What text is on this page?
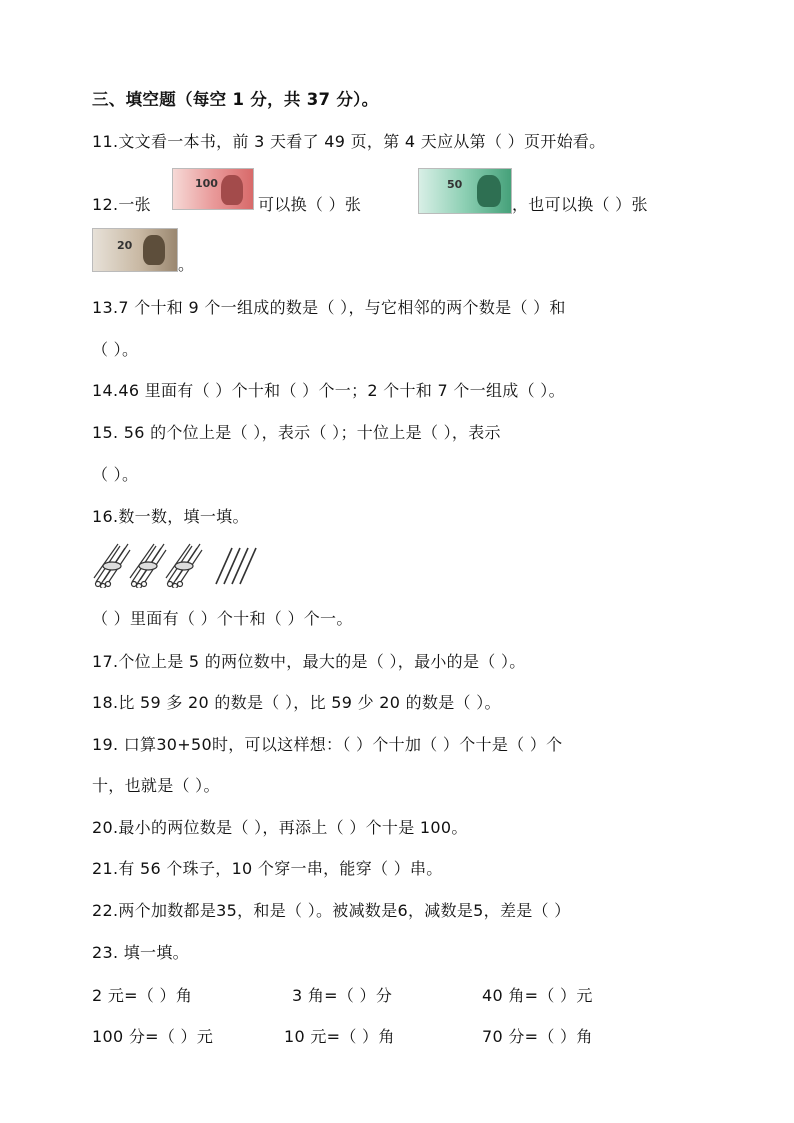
三、填空题（每空 1 分，共 37 分）。
11.文文看一本书，前 3 天看了 49 页，第 4 天应从第（ ）页开始看。
12.一张
100
可以换（ ）张
50
，也可以换（ ）张
20
。
13.7 个十和 9 个一组成的数是（ ），与它相邻的两个数是（ ）和
（ ）。
14.46 里面有（ ）个十和（ ）个一；2 个十和 7 个一组成（ ）。
15. 56 的个位上是（ ），表示（ ）；十位上是（ ），表示
（ ）。
16.数一数，填一填。
（ ）里面有（ ）个十和（ ）个一。
17.个位上是 5 的两位数中，最大的是（ ），最小的是（ ）。
18.比 59 多 20 的数是（ ），比 59 少 20 的数是（ ）。
19. 口算30+50时，可以这样想：（ ）个十加（ ）个十是（ ）个
十，也就是（ ）。
20.最小的两位数是（ ），再添上（ ）个十是 100。
21.有 56 个珠子，10 个穿一串，能穿（ ）串。
22.两个加数都是35，和是（ ）。被减数是6，减数是5，差是（ ）
23. 填一填。
2 元=（ ）角	3 角=（ ）分	40 角=（ ）元
100 分=（ ）元	10 元=（ ）角	70 分=（ ）角
